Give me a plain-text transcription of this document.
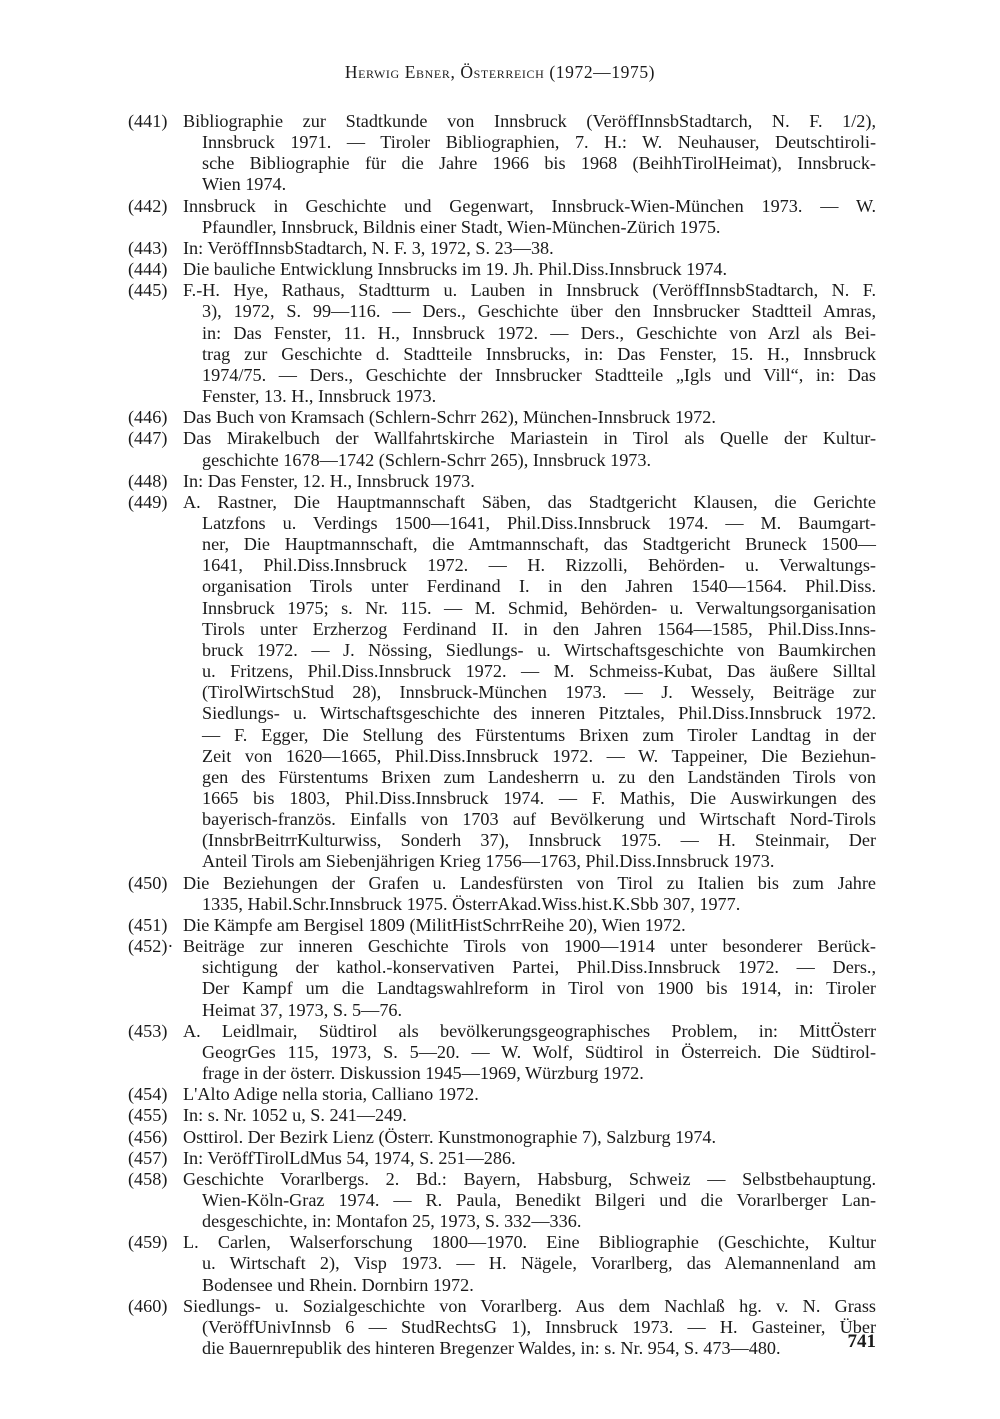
Herwig Ebner, Österreich (1972—1975)
(441) Bibliographie zur Stadtkunde von Innsbruck (VeröffInnsbStadtarch, N. F. 1/2),
Innsbruck 1971. — Tiroler Bibliographien, 7. H.: W. Neuhauser, Deutschtiroli-
sche Bibliographie für die Jahre 1966 bis 1968 (BeihhTirolHeimat), Innsbruck-
Wien 1974.
(442) Innsbruck in Geschichte und Gegenwart, Innsbruck-Wien-München 1973. — W.
Pfaundler, Innsbruck, Bildnis einer Stadt, Wien-München-Zürich 1975.
(443) In: VeröffInnsbStadtarch, N. F. 3, 1972, S. 23—38.
(444) Die bauliche Entwicklung Innsbrucks im 19. Jh. Phil.Diss.Innsbruck 1974.
(445) F.-H. Hye, Rathaus, Stadtturm u. Lauben in Innsbruck (VeröffInnsbStadtarch, N. F.
3), 1972, S. 99—116. — Ders., Geschichte über den Innsbrucker Stadtteil Amras,
in: Das Fenster, 11. H., Innsbruck 1972. — Ders., Geschichte von Arzl als Bei-
trag zur Geschichte d. Stadtteile Innsbrucks, in: Das Fenster, 15. H., Innsbruck
1974/75. — Ders., Geschichte der Innsbrucker Stadtteile „Igls und Vill“, in: Das
Fenster, 13. H., Innsbruck 1973.
(446) Das Buch von Kramsach (Schlern-Schrr 262), München-Innsbruck 1972.
(447) Das Mirakelbuch der Wallfahrtskirche Mariastein in Tirol als Quelle der Kultur-
geschichte 1678—1742 (Schlern-Schrr 265), Innsbruck 1973.
(448) In: Das Fenster, 12. H., Innsbruck 1973.
(449) A. Rastner, Die Hauptmannschaft Säben, das Stadtgericht Klausen, die Gerichte
Latzfons u. Verdings 1500—1641, Phil.Diss.Innsbruck 1974. — M. Baumgart-
ner, Die Hauptmannschaft, die Amtmannschaft, das Stadtgericht Bruneck 1500—
1641, Phil.Diss.Innsbruck 1972. — H. Rizzolli, Behörden- u. Verwaltungs-
organisation Tirols unter Ferdinand I. in den Jahren 1540—1564. Phil.Diss.
Innsbruck 1975; s. Nr. 115. — M. Schmid, Behörden- u. Verwaltungsorganisation
Tirols unter Erzherzog Ferdinand II. in den Jahren 1564—1585, Phil.Diss.Inns-
bruck 1972. — J. Nössing, Siedlungs- u. Wirtschaftsgeschichte von Baumkirchen
u. Fritzens, Phil.Diss.Innsbruck 1972. — M. Schmeiss-Kubat, Das äußere Silltal
(TirolWirtschStud 28), Innsbruck-München 1973. — J. Wessely, Beiträge zur
Siedlungs- u. Wirtschaftsgeschichte des inneren Pitztales, Phil.Diss.Innsbruck 1972.
— F. Egger, Die Stellung des Fürstentums Brixen zum Tiroler Landtag in der
Zeit von 1620—1665, Phil.Diss.Innsbruck 1972. — W. Tappeiner, Die Beziehun-
gen des Fürstentums Brixen zum Landesherrn u. zu den Landständen Tirols von
1665 bis 1803, Phil.Diss.Innsbruck 1974. — F. Mathis, Die Auswirkungen des
bayerisch-französ. Einfalls von 1703 auf Bevölkerung und Wirtschaft Nord-Tirols
(InnsbrBeitrrKulturwiss, Sonderh 37), Innsbruck 1975. — H. Steinmair, Der
Anteil Tirols am Siebenjährigen Krieg 1756—1763, Phil.Diss.Innsbruck 1973.
(450) Die Beziehungen der Grafen u. Landesfürsten von Tirol zu Italien bis zum Jahre
1335, Habil.Schr.Innsbruck 1975. ÖsterrAkad.Wiss.hist.K.Sbb 307, 1977.
(451) Die Kämpfe am Bergisel 1809 (MilitHistSchrrReihe 20), Wien 1972.
(452)· Beiträge zur inneren Geschichte Tirols von 1900—1914 unter besonderer Berück-
sichtigung der kathol.-konservativen Partei, Phil.Diss.Innsbruck 1972. — Ders.,
Der Kampf um die Landtagswahlreform in Tirol von 1900 bis 1914, in: Tiroler
Heimat 37, 1973, S. 5—76.
(453) A. Leidlmair, Südtirol als bevölkerungsgeographisches Problem, in: MittÖsterr
GeogrGes 115, 1973, S. 5—20. — W. Wolf, Südtirol in Österreich. Die Südtirol-
frage in der österr. Diskussion 1945—1969, Würzburg 1972.
(454) L'Alto Adige nella storia, Calliano 1972.
(455) In: s. Nr. 1052 u, S. 241—249.
(456) Osttirol. Der Bezirk Lienz (Österr. Kunstmonographie 7), Salzburg 1974.
(457) In: VeröffTirolLdMus 54, 1974, S. 251—286.
(458) Geschichte Vorarlbergs. 2. Bd.: Bayern, Habsburg, Schweiz — Selbstbehauptung.
Wien-Köln-Graz 1974. — R. Paula, Benedikt Bilgeri und die Vorarlberger Lan-
desgeschichte, in: Montafon 25, 1973, S. 332—336.
(459) L. Carlen, Walserforschung 1800—1970. Eine Bibliographie (Geschichte, Kultur
u. Wirtschaft 2), Visp 1973. — H. Nägele, Vorarlberg, das Alemannenland am
Bodensee und Rhein. Dornbirn 1972.
(460) Siedlungs- u. Sozialgeschichte von Vorarlberg. Aus dem Nachlaß hg. v. N. Grass
(VeröffUnivInnsb 6 — StudRechtsG 1), Innsbruck 1973. — H. Gasteiner, Über
die Bauernrepublik des hinteren Bregenzer Waldes, in: s. Nr. 954, S. 473—480.	741
